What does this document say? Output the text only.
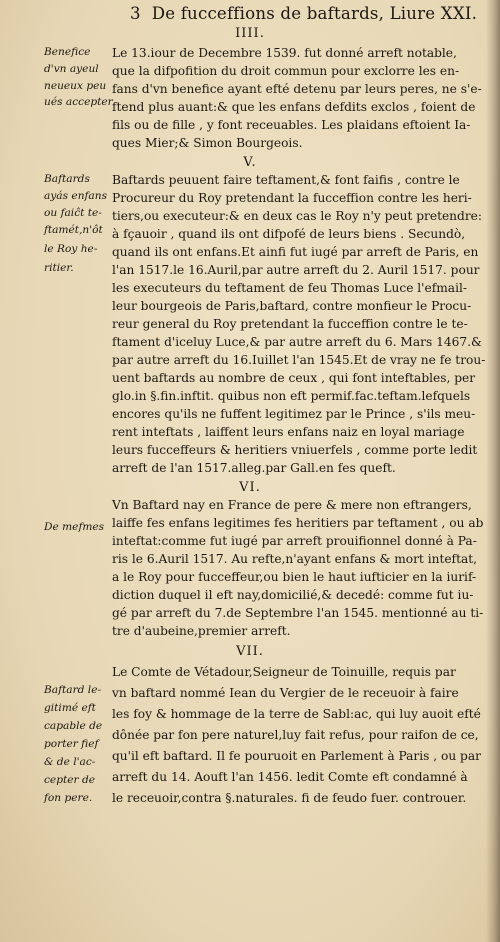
3 De fucceffions de baftards, Liure XXI.
IIII.
Le 13.iour de Decembre 1539. fut donné arreft notable,
que la difpofition du droit commun pour exclorre les en-
fans d'vn benefice ayant efté detenu par leurs peres, ne s'e-
ftend plus auant:& que les enfans defdits exclos , foient de
fils ou de fille , y font receuables. Les plaidans eftoient Ia-
ques Mier;& Simon Bourgeois.
Benefice
d'vn ayeul
neueux peu
ués accepter
V.
Baftards peuuent faire teftament,& font faifis , contre le
Procureur du Roy pretendant la fucceffion contre les heri-
tiers,ou executeur:& en deux cas le Roy n'y peut pretendre:
à fçauoir , quand ils ont difpofé de leurs biens . Secundò,
quand ils ont enfans.Et ainfi fut iugé par arreft de Paris, en
l'an 1517.le 16.Auril,par autre arreft du 2. Auril 1517. pour
les executeurs du teftament de feu Thomas Luce l'efmail-
leur bourgeois de Paris,baftard, contre monfieur le Procu-
reur general du Roy pretendant la fucceffion contre le te-
ftament d'iceluy Luce,& par autre arreft du 6. Mars 1467.&
par autre arreft du 16.Iuillet l'an 1545.Et de vray ne fe trou-
uent baftards au nombre de ceux , qui font inteftables, per
glo.in §.fin.inftit. quibus non eft permif.fac.teftam.lefquels
encores qu'ils ne fuffent legitimez par le Prince , s'ils meu-
rent inteftats , laiffent leurs enfans naiz en loyal mariage
leurs fucceffeurs & heritiers vniuerfels , comme porte ledit
arreft de l'an 1517.alleg.par Gall.en fes queft.
Baftards
ayás enfans
ou faiĉt te-
ftamét,n'ôt
le Roy he-
ritier.
VI.
Vn Baftard nay en France de pere & mere non eftrangers,
laiffe fes enfans legitimes fes heritiers par teftament , ou ab
inteftat:comme fut iugé par arreft prouifionnel donné à Pa-
ris le 6.Auril 1517. Au refte,n'ayant enfans & mort inteftat,
a le Roy pour fucceffeur,ou bien le haut iufticier en la iurif-
diction duquel il eft nay,domicilié,& decedé: comme fut iu-
gé par arreft du 7.de Septembre l'an 1545. mentionné au ti-
tre d'aubeine,premier arreft.
De mefmes
VII.
Le Comte de Vétadour,Seigneur de Toinuille, requis par
vn baftard nommé Iean du Vergier de le receuoir à faire
les foy & hommage de la terre de Sabl:ac, qui luy auoit efté
dônée par fon pere naturel,luy fait refus, pour raifon de ce,
qu'il eft baftard. Il fe pouruoit en Parlement à Paris , ou par
arreft du 14. Aouft l'an 1456. ledit Comte eft condamné à
le receuoir,contra §.naturales. fi de feudo fuer. controuer.
Baftard le-
gitimé eft
capable de
porter fief
& de l'ac-
cepter de
fon pere.
